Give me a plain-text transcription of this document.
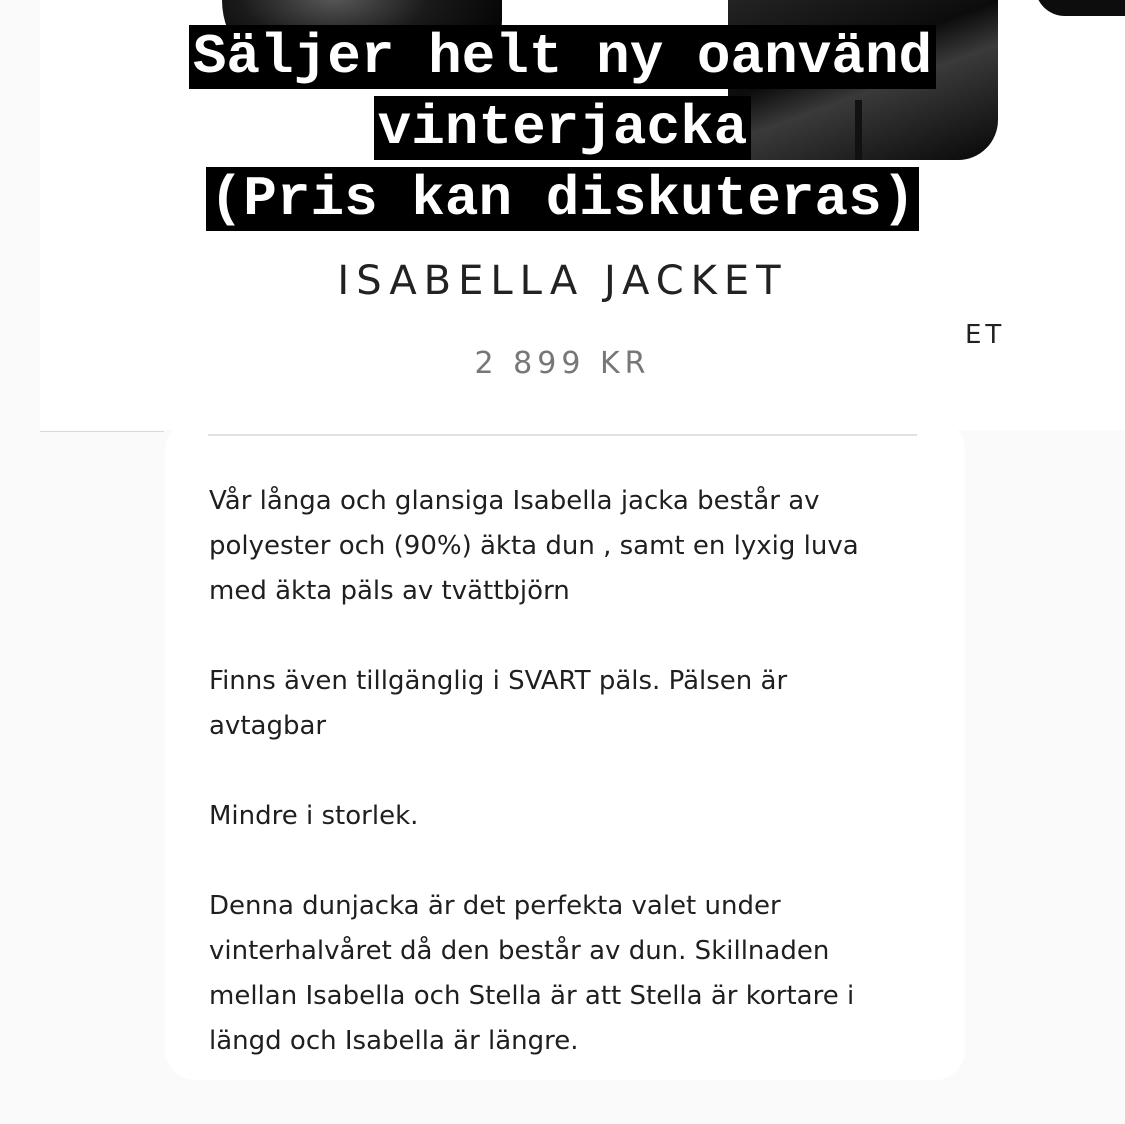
Säljer helt ny oanvänd
vinterjacka
(Pris kan diskuteras)
ISABELLA JACKET
ET
2 899 KR

Vår långa och glansiga Isabella jacka består av polyester och (90%) äkta dun , samt en lyxig luva med äkta päls av tvättbjörn

Finns även tillgänglig i SVART päls. Pälsen är avtagbar

Mindre i storlek.

Denna dunjacka är det perfekta valet under vinterhalvåret då den består av dun. Skillnaden mellan Isabella och Stella är att Stella är kortare i längd och Isabella är längre.
